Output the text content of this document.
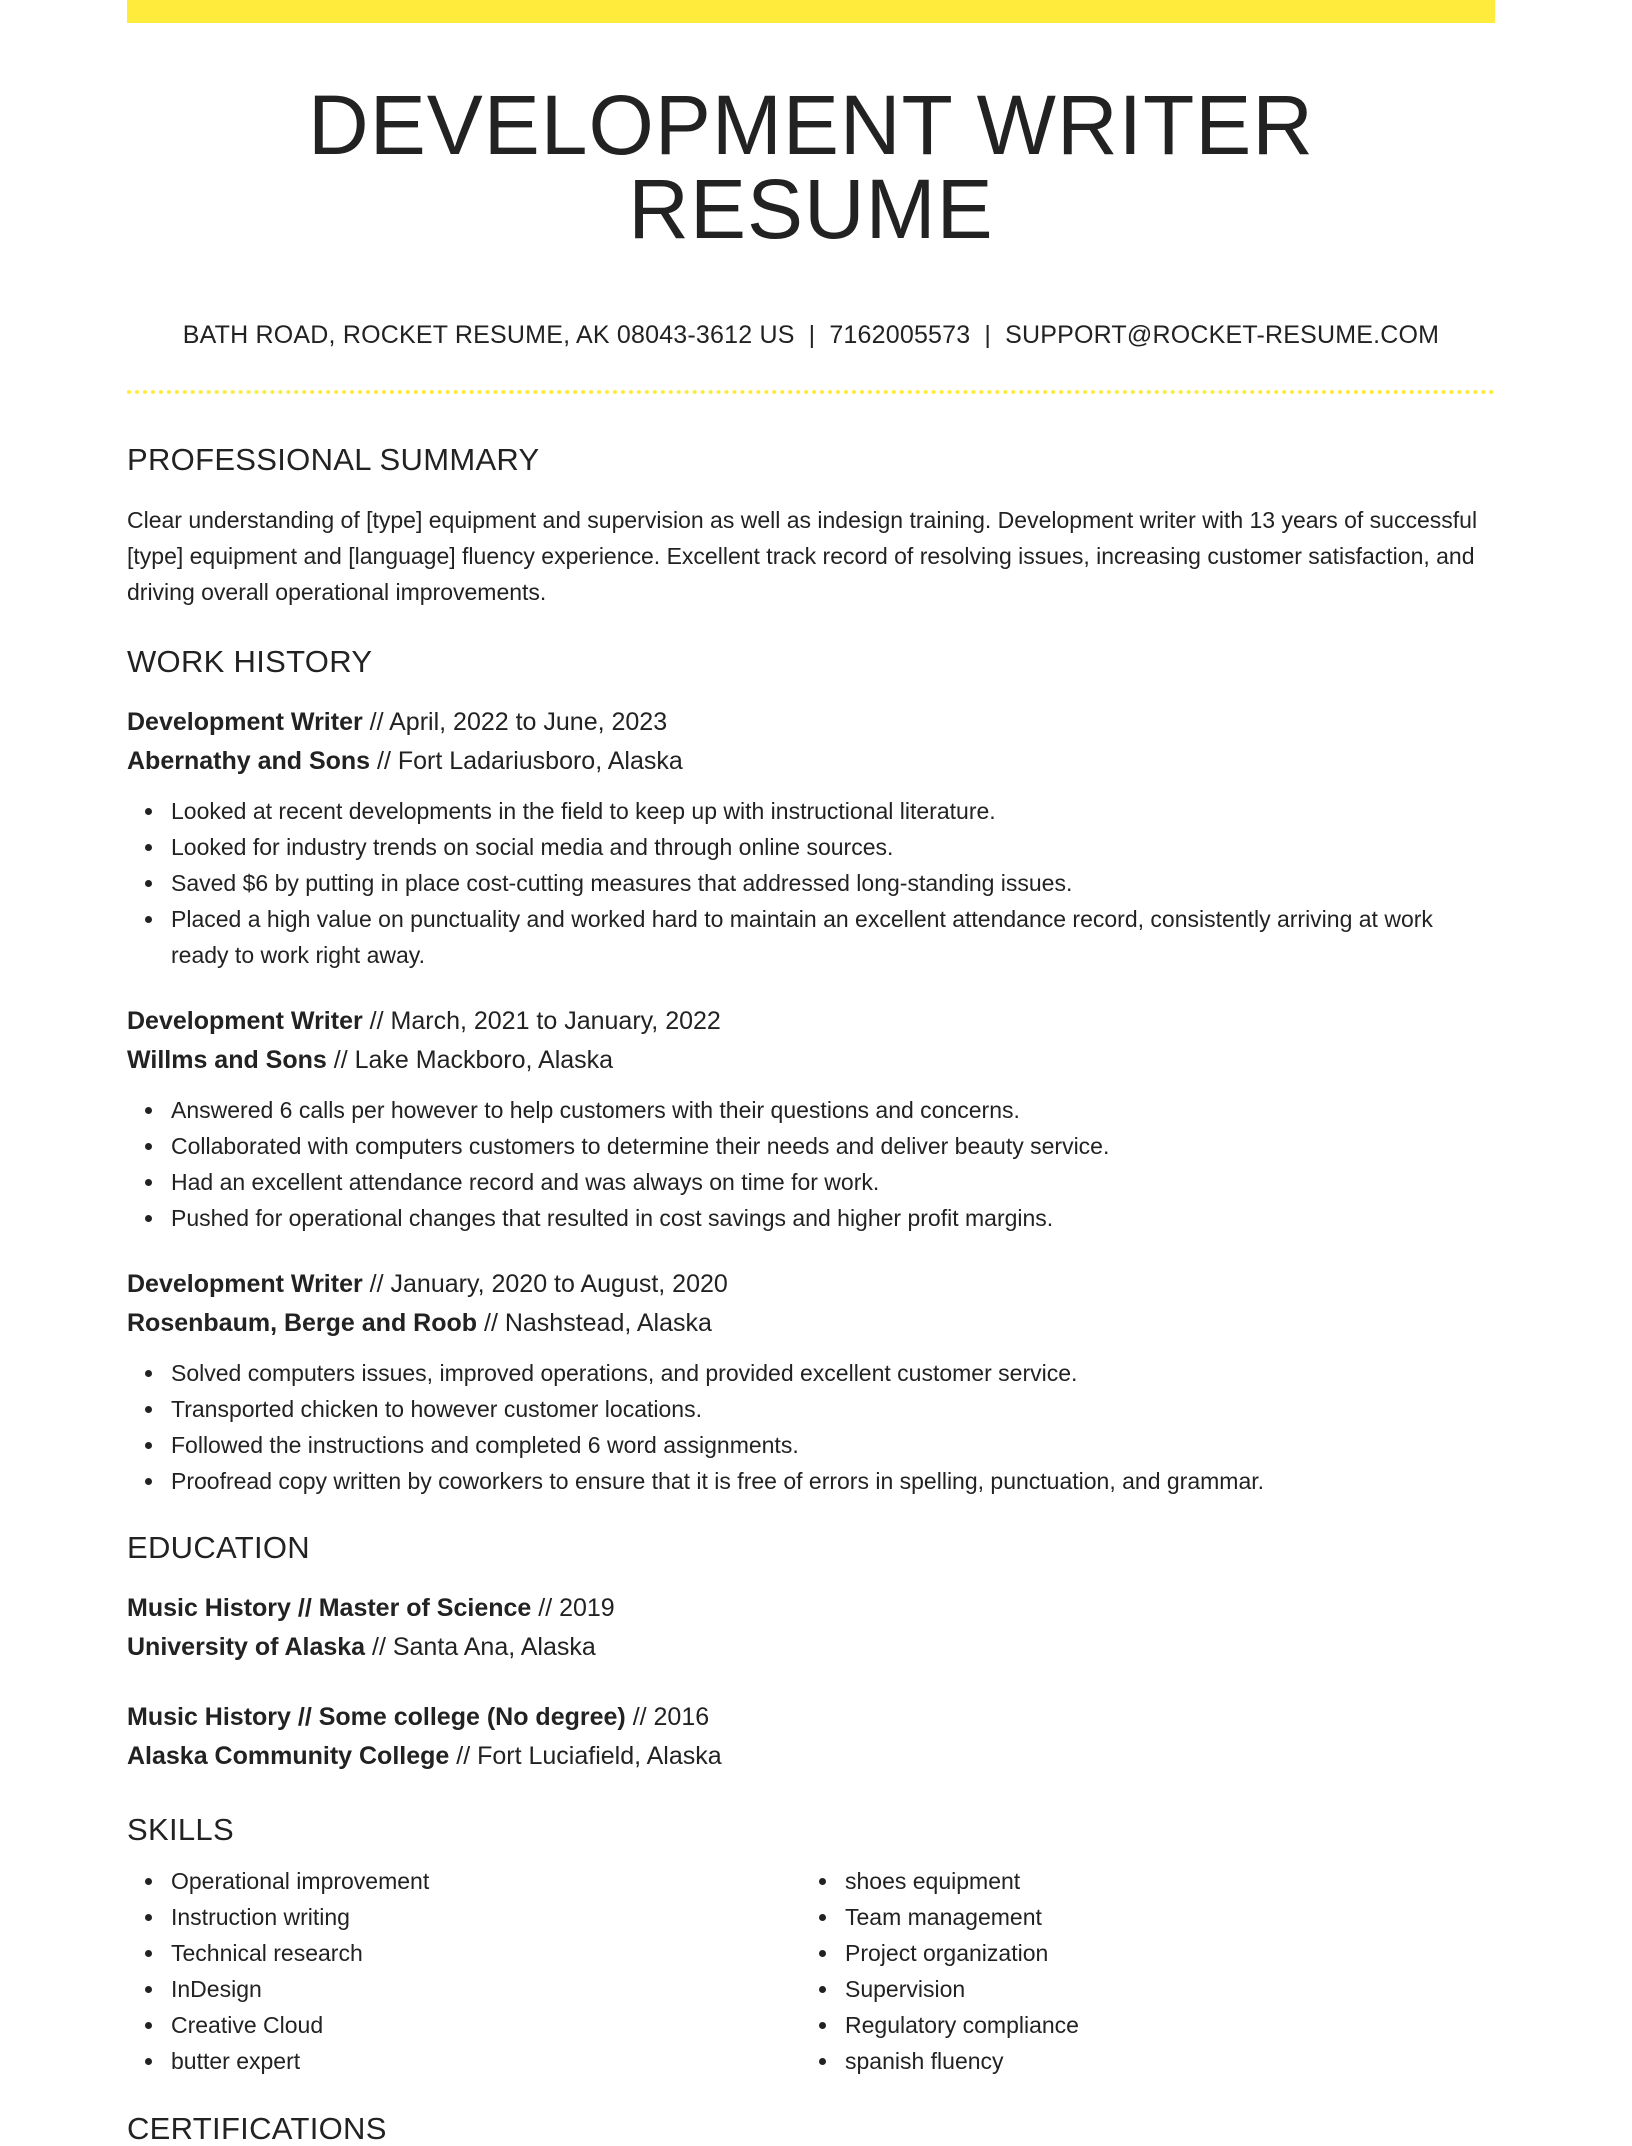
DEVELOPMENT WRITER RESUME
BATH ROAD, ROCKET RESUME, AK 08043-3612 US | 7162005573 | SUPPORT@ROCKET-RESUME.COM
PROFESSIONAL SUMMARY

Clear understanding of [type] equipment and supervision as well as indesign training. Development writer with 13 years of successful [type] equipment and [language] fluency experience. Excellent track record of resolving issues, increasing customer satisfaction, and driving overall operational improvements.

WORK HISTORY
Development Writer // April, 2022 to June, 2023
Abernathy and Sons // Fort Ladariusboro, Alaska
Looked at recent developments in the field to keep up with instructional literature.
Looked for industry trends on social media and through online sources.
Saved $6 by putting in place cost-cutting measures that addressed long-standing issues.
Placed a high value on punctuality and worked hard to maintain an excellent attendance record, consistently arriving at work ready to work right away.
Development Writer // March, 2021 to January, 2022
Willms and Sons // Lake Mackboro, Alaska
Answered 6 calls per however to help customers with their questions and concerns.
Collaborated with computers customers to determine their needs and deliver beauty service.
Had an excellent attendance record and was always on time for work.
Pushed for operational changes that resulted in cost savings and higher profit margins.
Development Writer // January, 2020 to August, 2020
Rosenbaum, Berge and Roob // Nashstead, Alaska
Solved computers issues, improved operations, and provided excellent customer service.
Transported chicken to however customer locations.
Followed the instructions and completed 6 word assignments.
Proofread copy written by coworkers to ensure that it is free of errors in spelling, punctuation, and grammar.
EDUCATION
Music History // Master of Science // 2019
University of Alaska // Santa Ana, Alaska
Music History // Some college (No degree) // 2016
Alaska Community College // Fort Luciafield, Alaska
SKILLS
Operational improvement
Instruction writing
Technical research
InDesign
Creative Cloud
butter expert
shoes equipment
Team management
Project organization
Supervision
Regulatory compliance
spanish fluency
CERTIFICATIONS
